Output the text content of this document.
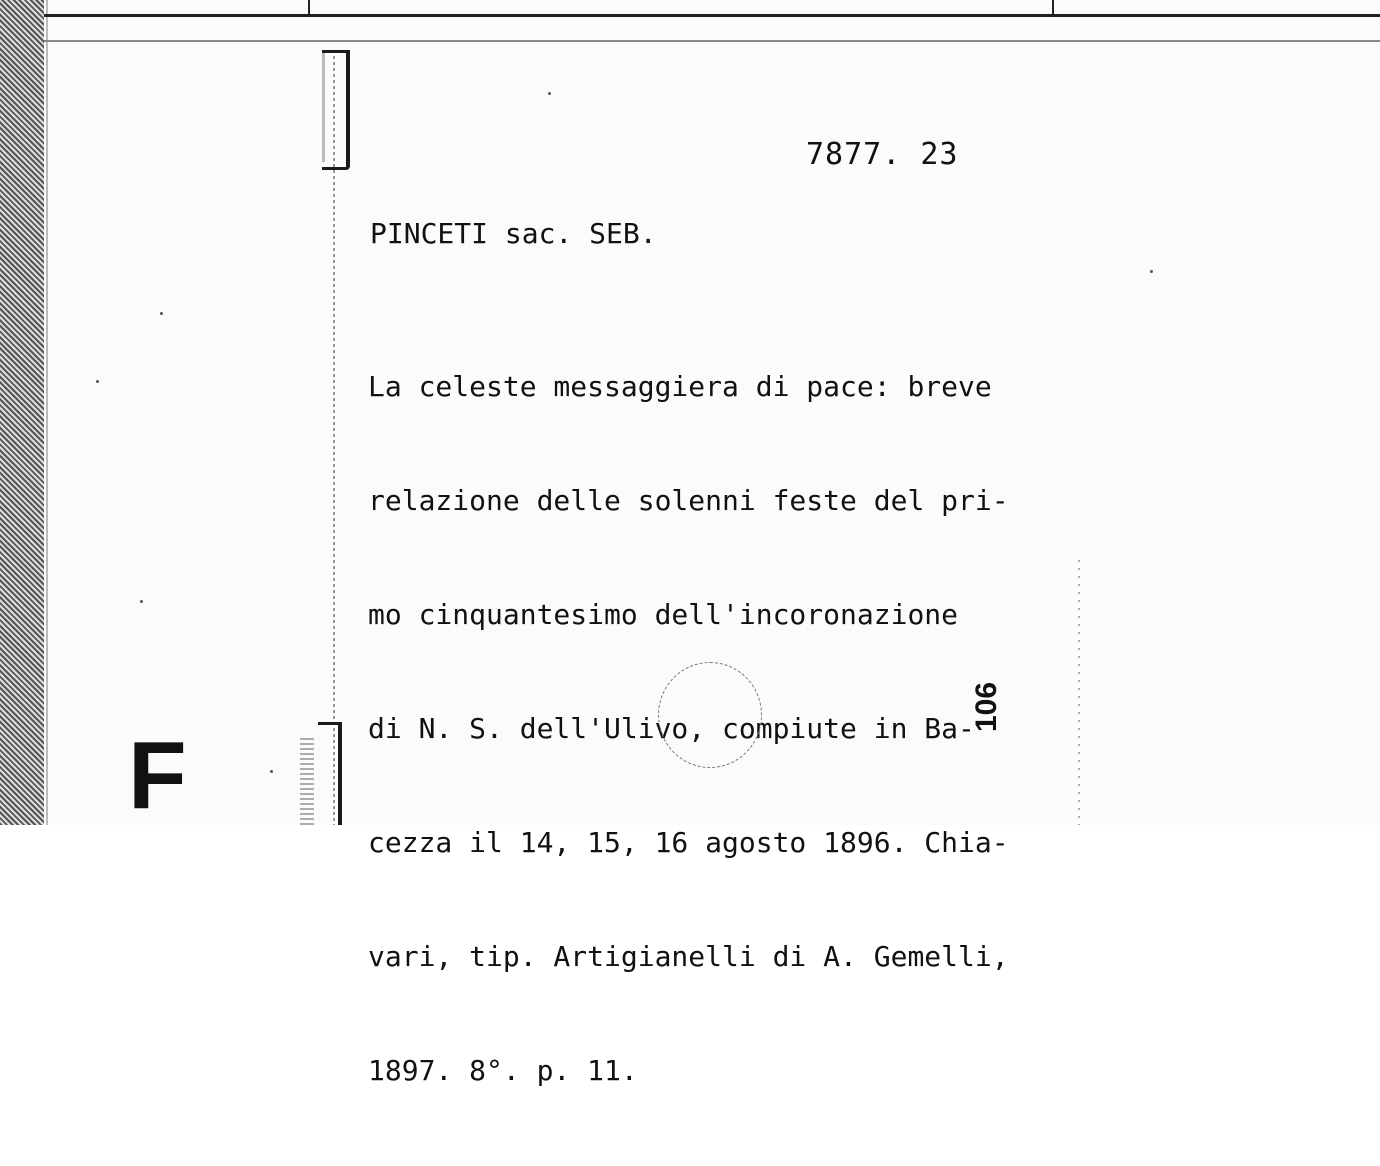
7877. 23
PINCETI sac. SEB.

La celeste messaggiera di pace: breve

relazione delle solenni feste del pri-

mo cinquantesimo dell'incoronazione

di N. S. dell'Ulivo, compiute in Ba-

cezza il 14, 15, 16 agosto 1896. Chia-

vari, tip. Artigianelli di A. Gemelli,

1897. 8°. p. 11.

F
106
